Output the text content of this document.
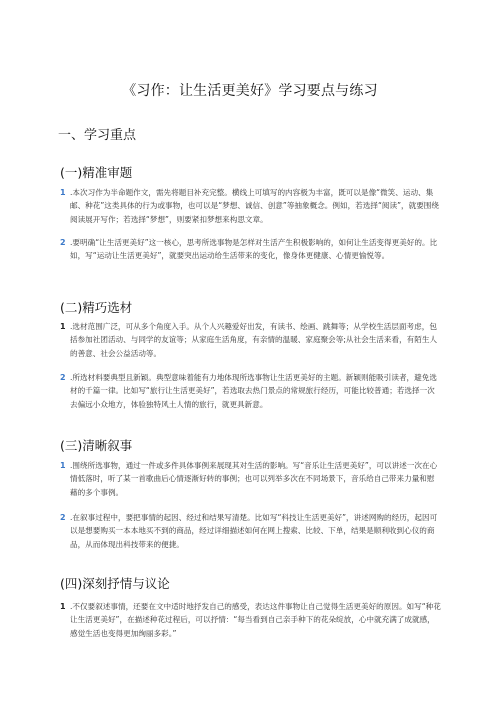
《习作：让生活更美好》学习要点与练习
一、学习重点
(一)精准审题
1 .本次习作为半命题作文，需先将题目补充完整。横线上可填写的内容极为丰富，既可以是像“微笑、运动、集邮、种花”这类具体的行为或事物，也可以是“梦想、诚信、创意”等抽象概念。例如，若选择“阅读”，就要围绕阅读展开写作；若选择“梦想”，则要紧扣梦想来构思文章。
2 .要明确“让生活更美好”这一核心，思考所选事物是怎样对生活产生积极影响的，如何让生活变得更美好的。比如，写“运动让生活更美好”，就要突出运动给生活带来的变化，像身体更健康、心情更愉悦等。
(二)精巧选材
1 .选材范围广泛，可从多个角度入手。从个人兴趣爱好出发，有读书、绘画、跳舞等；从学校生活层面考虑，包括参加社团活动、与同学的友谊等；从家庭生活角度，有亲情的温暖、家庭聚会等;从社会生活来看，有陌生人的善意、社会公益活动等。
2 .所选材料要典型且新颖。典型意味着能有力地体现所选事物让生活更美好的主题。新颖则能吸引读者，避免选材的千篇一律。比如写“旅行让生活更美好”，若选取去热门景点的常规旅行经历，可能比较普通；若选择一次去偏远小众地方，体验独特风土人情的旅行，就更具新意。
(三)清晰叙事
1 .围绕所选事物，通过一件或多件具体事例来展现其对生活的影响。写“音乐让生活更美好”，可以讲述一次在心情低落时，听了某一首歌曲后心情逐渐好转的事例；也可以列举多次在不同场景下，音乐给自己带来力量和慰藉的多个事例。
2 .在叙事过程中，要把事情的起因、经过和结果写清楚。比如写“科技让生活更美好”，讲述网购的经历，起因可以是想要购买一本本地买不到的商品，经过详细描述如何在网上搜索、比较、下单，结果是顺利收到心仪的商品，从而体现出科技带来的便捷。
(四)深刻抒情与议论
1 .不仅要叙述事情，还要在文中适时地抒发自己的感受，表达这件事物让自己觉得生活更美好的原因。如写“种花让生活更美好”，在描述种花过程后，可以抒情：“每当看到自己亲手种下的花朵绽放，心中就充满了成就感，感觉生活也变得更加绚丽多彩。”
